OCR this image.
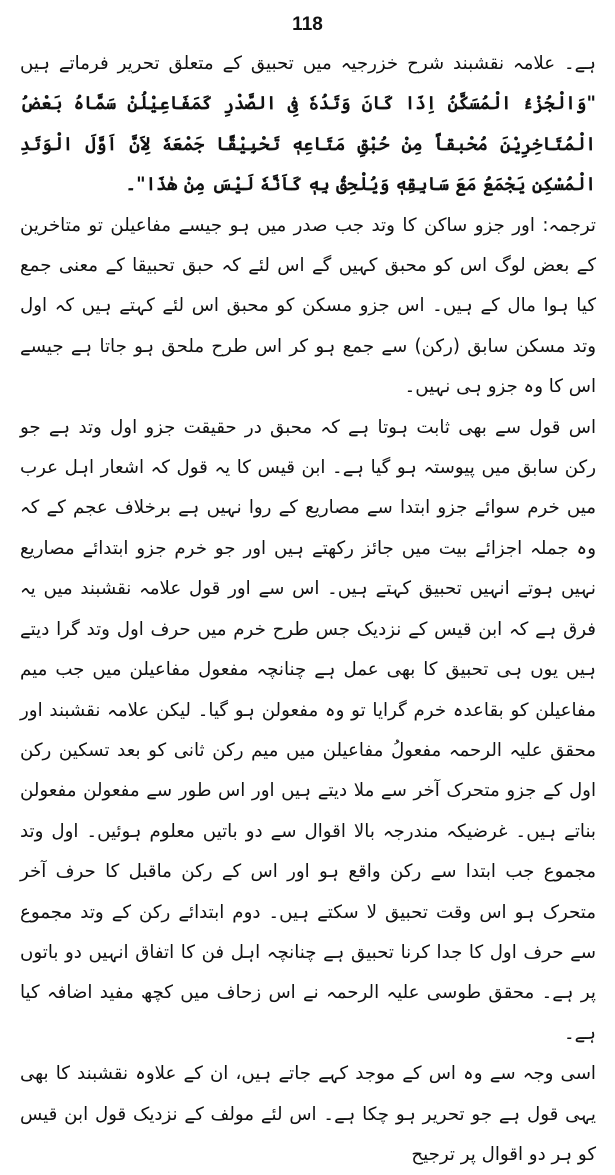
118

ہے۔ علامہ نقشبند شرح خزرجیہ میں تحبیق کے متعلق تحریر فرماتے ہیں "وَالْجُزْءُ الْمُسَكَّنُ اِذَا كَانَ وَتَدُهٗ فِى الصَّدْرِ كَمَفَاعِيْلُنْ سَمَّاهُ بَعْضُ الْمُتَاخِرِيْنَ مُحْبقاً مِنْ حُبْقِ مَتَاعِهٖ تَحْبِيْقًا جَمْعَهٗ لِاَنَّ اَوَّلَ الْوَتَدِ الْمُسْكِنِ يَجْمَعُ مَعَ سَابِقِهٖ وَيُلْحِقُ بِهٖ كَاَنَّهٗ لَيْسَ مِنْ هٰذَا"۔

ترجمہ: اور جزو ساکن کا وتد جب صدر میں ہو جیسے مفاعیلن تو متاخرین کے بعض لوگ اس کو محبق کہیں گے اس لئے کہ حبق تحبیقا کے معنی جمع کیا ہوا مال کے ہیں۔ اس جزو مسکن کو محبق اس لئے کہتے ہیں کہ اول وتد مسکن سابق (رکن) سے جمع ہو کر اس طرح ملحق ہو جاتا ہے جیسے اس کا وہ جزو ہی نہیں۔

اس قول سے بھی ثابت ہوتا ہے کہ محبق در حقیقت جزو اول وتد ہے جو رکن سابق میں پیوستہ ہو گیا ہے۔ ابن قیس کا یہ قول کہ اشعار اہل عرب میں خرم سوائے جزو ابتدا سے مصاریع کے روا نہیں ہے برخلاف عجم کے کہ وہ جملہ اجزائے بیت میں جائز رکھتے ہیں اور جو خرم جزو ابتدائے مصاریع نہیں ہوتے انہیں تحبیق کہتے ہیں۔ اس سے اور قول علامہ نقشبند میں یہ فرق ہے کہ ابن قیس کے نزدیک جس طرح خرم میں حرف اول وتد گرا دیتے ہیں یوں ہی تحبیق کا بھی عمل ہے چنانچہ مفعول مفاعیلن میں جب میم مفاعیلن کو بقاعدہ خرم گرایا تو وہ مفعولن ہو گیا۔ لیکن علامہ نقشبند اور محقق علیہ الرحمہ مفعولُ مفاعیلن میں میم رکن ثانی کو بعد تسکین رکن اول کے جزو متحرک آخر سے ملا دیتے ہیں اور اس طور سے مفعولن مفعولن بناتے ہیں۔ غرضیکہ مندرجہ بالا اقوال سے دو باتیں معلوم ہوئیں۔ اول وتد مجموع جب ابتدا سے رکن واقع ہو اور اس کے رکن ماقبل کا حرف آخر متحرک ہو اس وقت تحبیق لا سکتے ہیں۔ دوم ابتدائے رکن کے وتد مجموع سے حرف اول کا جدا کرنا تحبیق ہے چنانچہ اہل فن کا اتفاق انہیں دو باتوں پر ہے۔ محقق طوسی علیہ الرحمہ نے اس زحاف میں کچھ مفید اضافہ کیا ہے۔

اسی وجہ سے وہ اس کے موجد کہے جاتے ہیں، ان کے علاوہ نقشبند کا بھی یہی قول ہے جو تحریر ہو چکا ہے۔ اس لئے مولف کے نزدیک قول ابن قیس کو ہر دو اقوال پر ترجیح
